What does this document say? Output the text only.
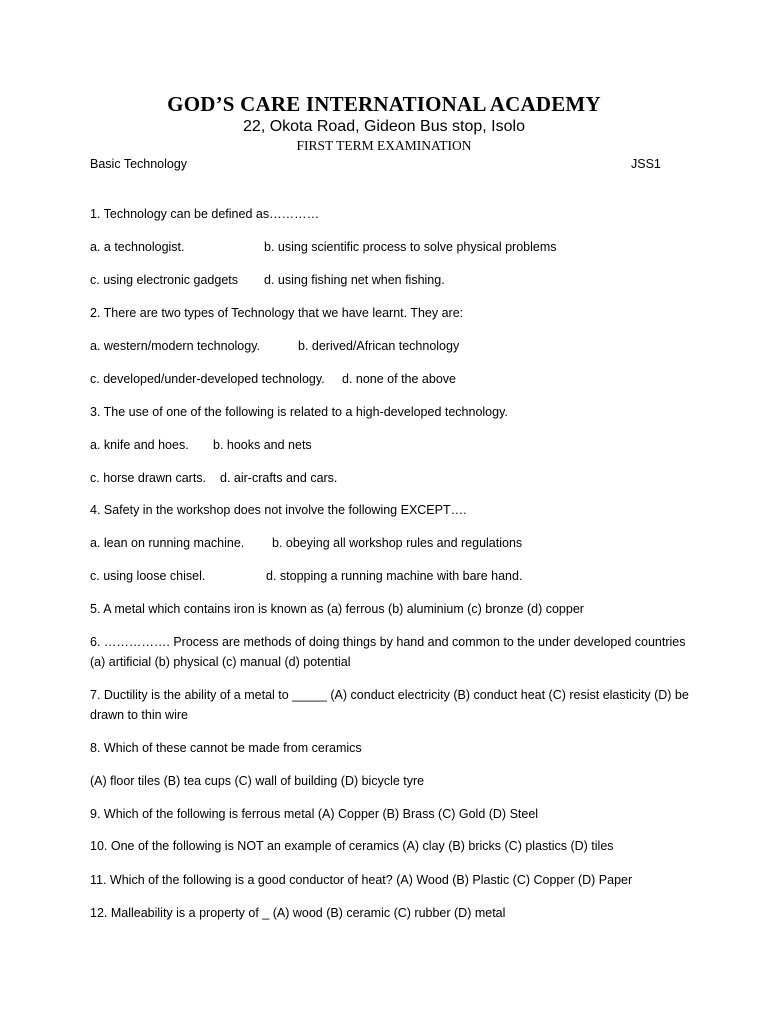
GOD’S CARE INTERNATIONAL ACADEMY
22, Okota Road, Gideon Bus stop, Isolo
FIRST TERM EXAMINATION
Basic Technology	JSS1
1. Technology can be defined as…………
a. a technologist.	b. using scientific process to solve physical problems
c. using electronic gadgets d. using fishing net when fishing.
2. There are two types of Technology that we have learnt. They are:
a. western/modern technology.	b. derived/African technology
c. developed/under-developed technology. d. none of the above
3. The use of one of the following is related to a high-developed technology.
a. knife and hoes. b. hooks and nets
c. horse drawn carts. d. air-crafts and cars.
4. Safety in the workshop does not involve the following EXCEPT….
a. lean on running machine. b. obeying all workshop rules and regulations
c. using loose chisel.	d. stopping a running machine with bare hand.
5. A metal which contains iron is known as (a) ferrous (b) aluminium (c) bronze (d) copper
6. ……………. Process are methods of doing things by hand and common to the under developed countries (a) artificial (b) physical (c) manual (d) potential
7. Ductility is the ability of a metal to _____ (A) conduct electricity (B) conduct heat (C) resist elasticity (D) be drawn to thin wire
8. Which of these cannot be made from ceramics
(A) floor tiles (B) tea cups (C) wall of building (D) bicycle tyre
9. Which of the following is ferrous metal (A) Copper (B) Brass (C) Gold (D) Steel
10. One of the following is NOT an example of ceramics (A) clay (B) bricks (C) plastics (D) tiles
11. Which of the following is a good conductor of heat? (A) Wood (B) Plastic (C) Copper (D) Paper
12. Malleability is a property of _ (A) wood (B) ceramic (C) rubber (D) metal
